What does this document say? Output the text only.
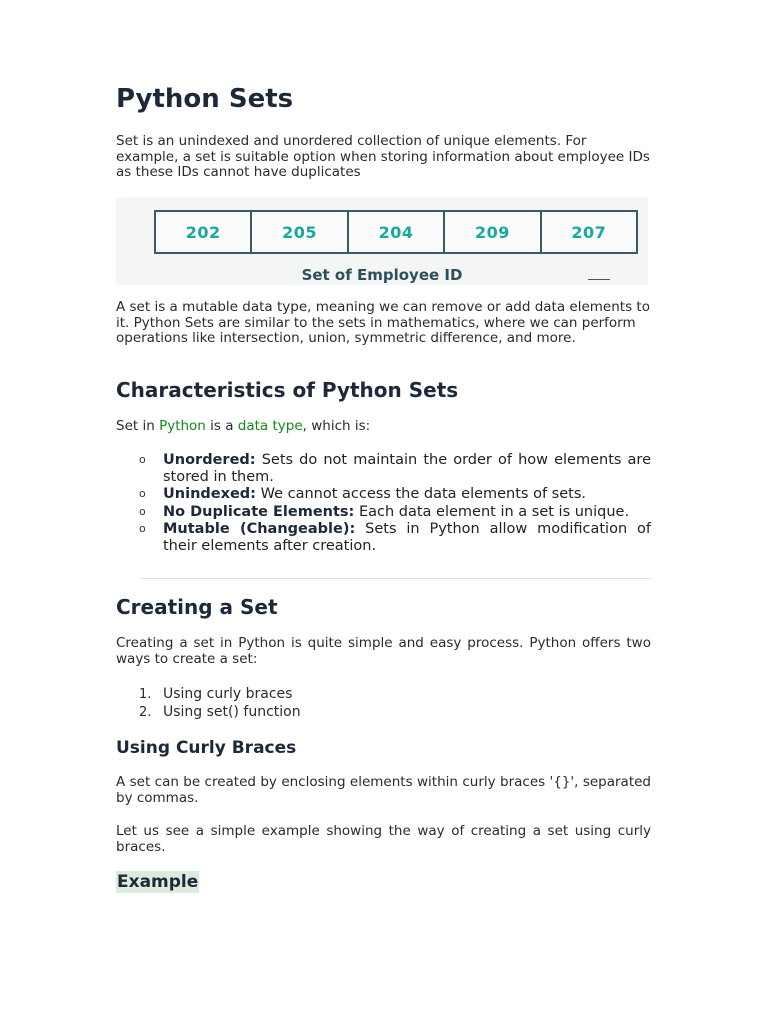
Python Sets

Set is an unindexed and unordered collection of unique elements. For example, a set is suitable option when storing information about employee IDs as these IDs cannot have duplicates

202	205	204	209	207
Set of Employee ID

A set is a mutable data type, meaning we can remove or add data elements to it. Python Sets are similar to the sets in mathematics, where we can perform operations like intersection, union, symmetric difference, and more.

Characteristics of Python Sets

Set in Python is a data type, which is:

o Unordered: Sets do not maintain the order of how elements are stored in them.
o Unindexed: We cannot access the data elements of sets.
o No Duplicate Elements: Each data element in a set is unique.
o Mutable (Changeable): Sets in Python allow modification of their elements after creation.
Creating a Set

Creating a set in Python is quite simple and easy process. Python offers two ways to create a set:

1. Using curly braces
2. Using set() function
Using Curly Braces

A set can be created by enclosing elements within curly braces '{}', separated by commas.

Let us see a simple example showing the way of creating a set using curly braces.

Example
